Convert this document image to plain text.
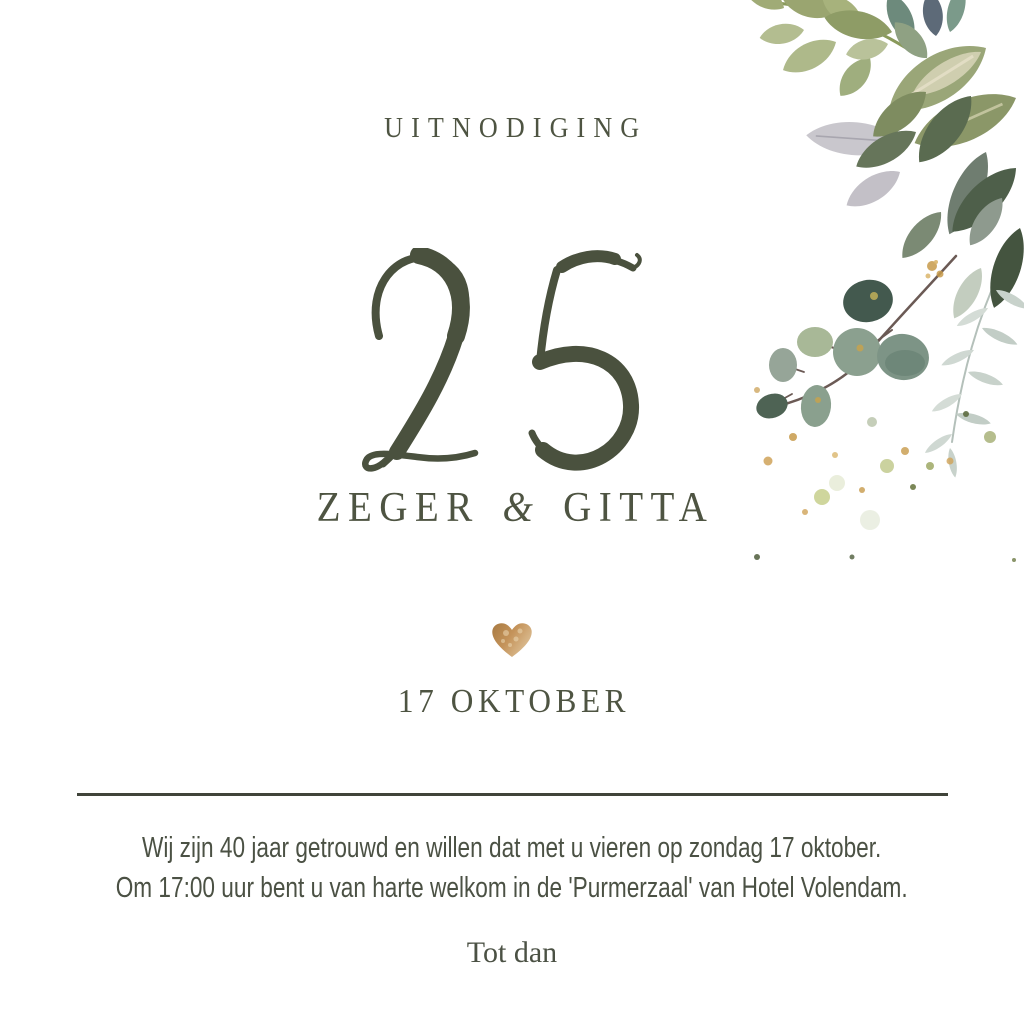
UITNODIGING
ZEGER & GITTA
17 OKTOBER
Wij zijn 40 jaar getrouwd en willen dat met u vieren op zondag 17 oktober.
Om 17:00 uur bent u van harte welkom in de 'Purmerzaal' van Hotel Volendam.
Tot dan
